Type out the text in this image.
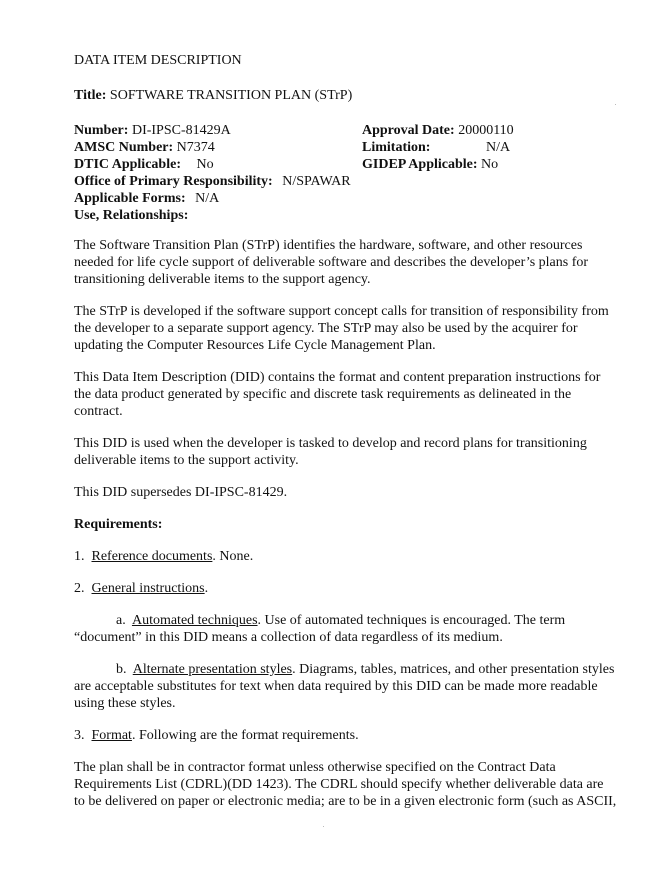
DATA ITEM DESCRIPTION
Title: SOFTWARE TRANSITION PLAN (STrP)
Number: DI-IPSC-81429A	Approval Date: 20000110
AMSC Number: N7374	Limitation:	N/A
DTIC Applicable: No	GIDEP Applicable: No
Office of Primary Responsibility: N/SPAWAR
Applicable Forms: N/A
Use, Relationships:
The Software Transition Plan (STrP) identifies the hardware, software, and other resources
needed for life cycle support of deliverable software and describes the developer’s plans for
transitioning deliverable items to the support agency.
The STrP is developed if the software support concept calls for transition of responsibility from
the developer to a separate support agency. The STrP may also be used by the acquirer for
updating the Computer Resources Life Cycle Management Plan.
This Data Item Description (DID) contains the format and content preparation instructions for
the data product generated by specific and discrete task requirements as delineated in the
contract.
This DID is used when the developer is tasked to develop and record plans for transitioning
deliverable items to the support activity.
This DID supersedes DI-IPSC-81429.
Requirements:
1. Reference documents. None.
2. General instructions.
a. Automated techniques. Use of automated techniques is encouraged. The term
“document” in this DID means a collection of data regardless of its medium.
b. Alternate presentation styles. Diagrams, tables, matrices, and other presentation styles
are acceptable substitutes for text when data required by this DID can be made more readable
using these styles.
3. Format. Following are the format requirements.
The plan shall be in contractor format unless otherwise specified on the Contract Data
Requirements List (CDRL)(DD 1423). The CDRL should specify whether deliverable data are
to be delivered on paper or electronic media; are to be in a given electronic form (such as ASCII,
